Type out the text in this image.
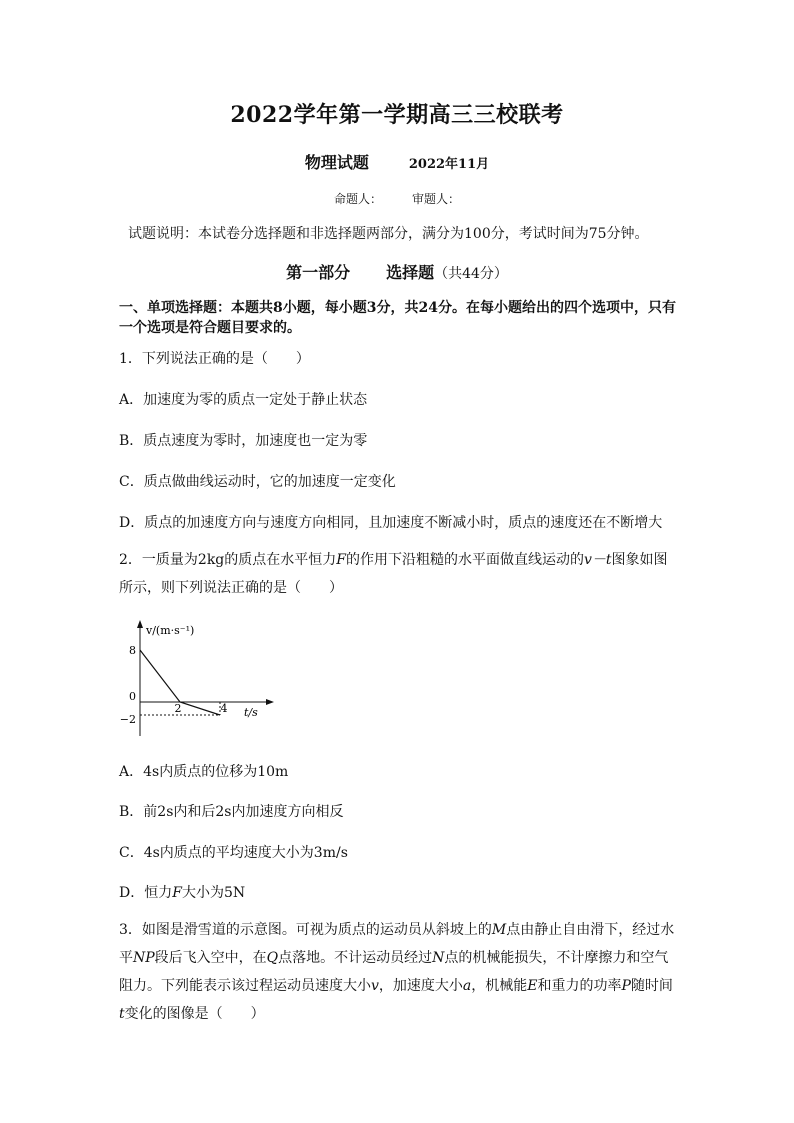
2022学年第一学期高三三校联考
物理试题	2022年11月
命题人：	审题人：
试题说明：本试卷分选择题和非选择题两部分，满分为100分，考试时间为75分钟。
第一部分 选择题（共44分）
一、单项选择题：本题共8小题，每小题3分，共24分。在每小题给出的四个选项中，只有一个选项是符合题目要求的。
1．下列说法正确的是（　　）
A．加速度为零的质点一定处于静止状态
B．质点速度为零时，加速度也一定为零
C．质点做曲线运动时，它的加速度一定变化
D．质点的加速度方向与速度方向相同，且加速度不断减小时，质点的速度还在不断增大
2．一质量为2kg的质点在水平恒力F的作用下沿粗糙的水平面做直线运动的v－t图象如图所示，则下列说法正确的是（　　）
v/(m·s⁻¹)
t/s
8
0
−2
2	4
A．4s内质点的位移为10m
B．前2s内和后2s内加速度方向相反
C．4s内质点的平均速度大小为3m/s
D．恒力F大小为5N
3．如图是滑雪道的示意图。可视为质点的运动员从斜坡上的M点由静止自由滑下，经过水平NP段后飞入空中，在Q点落地。不计运动员经过N点的机械能损失，不计摩擦力和空气阻力。下列能表示该过程运动员速度大小v，加速度大小a，机械能E和重力的功率P随时间t变化的图像是（　　）
